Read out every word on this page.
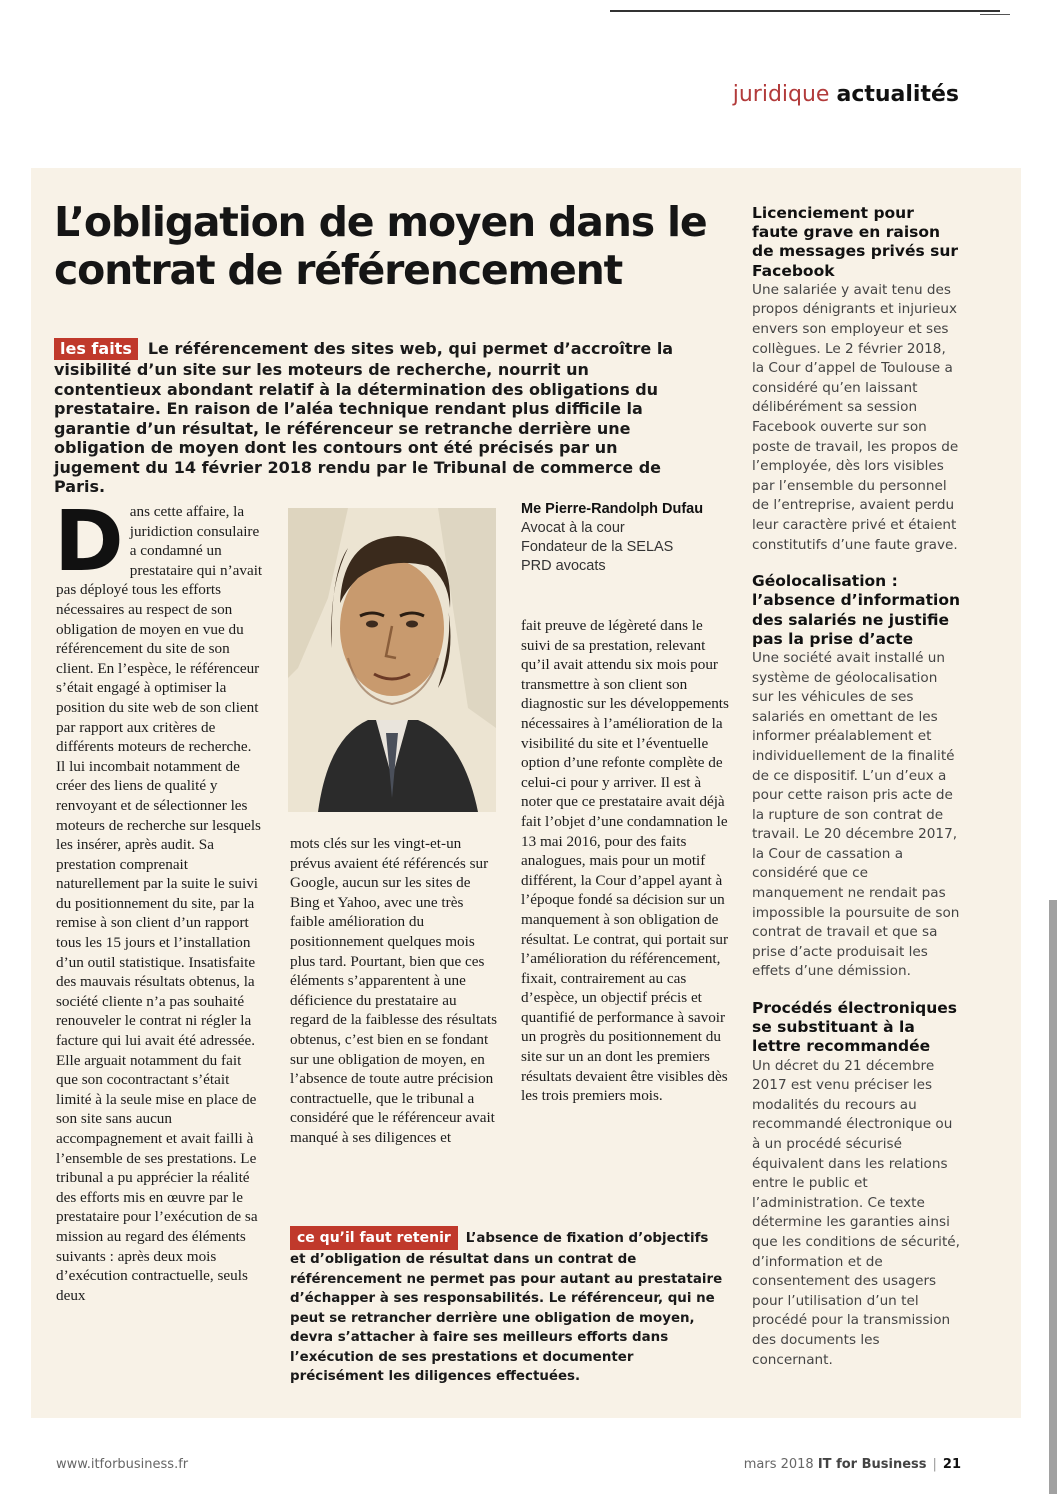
juridique actualités
L’obligation de moyen dans le contrat de référencement

les faits Le référencement des sites web, qui permet d’accroître la visibilité d’un site sur les moteurs de recherche, nourrit un contentieux abondant relatif à la détermination des obligations du prestataire. En raison de l’aléa technique rendant plus difficile la garantie d’un résultat, le référenceur se retranche derrière une obligation de moyen dont les contours ont été précisés par un jugement du 14 février 2018 rendu par le Tribunal de commerce de Paris.

Dans cette affaire, la juridiction consulaire a condamné un prestataire qui n’avait pas déployé tous les efforts nécessaires au respect de son obligation de moyen en vue du référencement du site de son client. En l’espèce, le référenceur s’était engagé à optimiser la position du site web de son client par rapport aux critères de différents moteurs de recherche. Il lui incombait notamment de créer des liens de qualité y renvoyant et de sélectionner les moteurs de recherche sur lesquels les insérer, après audit. Sa prestation comprenait naturellement par la suite le suivi du positionnement du site, par la remise à son client d’un rapport tous les 15 jours et l’installation d’un outil statistique. Insatisfaite des mauvais résultats obtenus, la société cliente n’a pas souhaité renouveler le contrat ni régler la facture qui lui avait été adressée. Elle arguait notamment du fait que son cocontractant s’était limité à la seule mise en place de son site sans aucun accompagnement et avait failli à l’ensemble de ses prestations. Le tribunal a pu apprécier la réalité des efforts mis en œuvre par le prestataire pour l’exécution de sa mission au regard des éléments suivants : après deux mois d’exécution contractuelle, seuls deux

mots clés sur les vingt-et-un prévus avaient été référencés sur Google, aucun sur les sites de Bing et Yahoo, avec une très faible amélioration du positionnement quelques mois plus tard. Pourtant, bien que ces éléments s’apparentent à une déficience du prestataire au regard de la faiblesse des résultats obtenus, c’est bien en se fondant sur une obligation de moyen, en l’absence de toute autre précision contractuelle, que le tribunal a considéré que le référenceur avait manqué à ses diligences et

Me Pierre-Randolph Dufau
Avocat à la cour
Fondateur de la SELAS
PRD avocats

fait preuve de légèreté dans le suivi de sa prestation, relevant qu’il avait attendu six mois pour transmettre à son client son diagnostic sur les développements nécessaires à l’amélioration de la visibilité du site et l’éventuelle option d’une refonte complète de celui-ci pour y arriver. Il est à noter que ce prestataire avait déjà fait l’objet d’une condamnation le 13 mai 2016, pour des faits analogues, mais pour un motif différent, la Cour d’appel ayant à l’époque fondé sa décision sur un manquement à son obligation de résultat. Le contrat, qui portait sur l’amélioration du référencement, fixait, contrairement au cas d’espèce, un objectif précis et quantifié de performance à savoir un progrès du positionnement du site sur un an dont les premiers résultats devaient être visibles dès les trois premiers mois.

ce qu’il faut retenir L’absence de fixation d’objectifs et d’obligation de résultat dans un contrat de référencement ne permet pas pour autant au prestataire d’échapper à ses responsabilités. Le référenceur, qui ne peut se retrancher derrière une obligation de moyen, devra s’attacher à faire ses meilleurs efforts dans l’exécution de ses prestations et documenter précisément les diligences effectuées.

Licenciement pour faute grave en raison de messages privés sur Facebook

Une salariée y avait tenu des propos dénigrants et injurieux envers son employeur et ses collègues. Le 2 février 2018, la Cour d’appel de Toulouse a considéré qu’en laissant délibérément sa session Facebook ouverte sur son poste de travail, les propos de l’employée, dès lors visibles par l’ensemble du personnel de l’entreprise, avaient perdu leur caractère privé et étaient constitutifs d’une faute grave.

Géolocalisation : l’absence d’information des salariés ne justifie pas la prise d’acte

Une société avait installé un système de géolocalisation sur les véhicules de ses salariés en omettant de les informer préalablement et individuellement de la finalité de ce dispositif. L’un d’eux a pour cette raison pris acte de la rupture de son contrat de travail. Le 20 décembre 2017, la Cour de cassation a considéré que ce manquement ne rendait pas impossible la poursuite de son contrat de travail et que sa prise d’acte produisait les effets d’une démission.

Procédés électroniques se substituant à la lettre recommandée

Un décret du 21 décembre 2017 est venu préciser les modalités du recours au recommandé électronique ou à un procédé sécurisé équivalent dans les relations entre le public et l’administration. Ce texte détermine les garanties ainsi que les conditions de sécurité, d’information et de consentement des usagers pour l’utilisation d’un tel procédé pour la transmission des documents les concernant.

www.itforbusiness.fr	mars 2018 IT for Business | 21
